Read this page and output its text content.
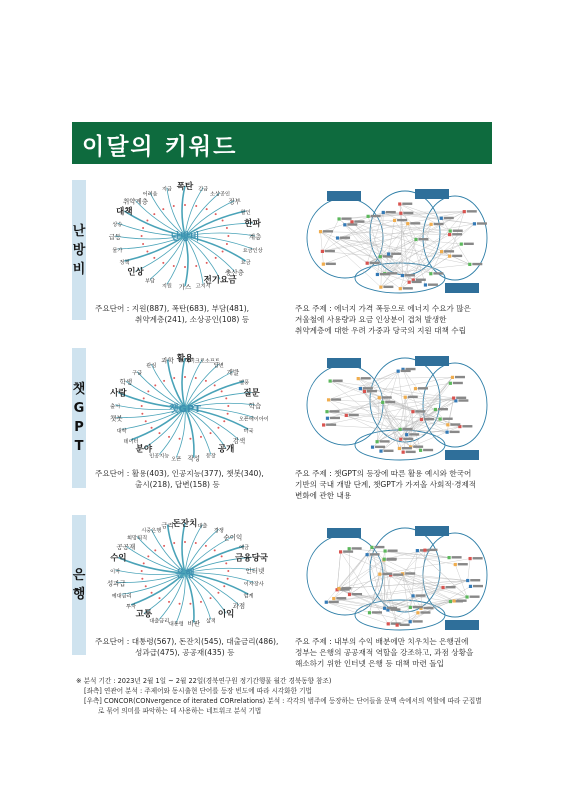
이달의 키워드
난
방
비
챗
G
P
T
은
행
폭탄 긴급
소상공인
정부
할인
한파
계층
요금인상
요금
충산층
전기요금
고지서
가스
지원
부담
인상
정책
물가
급등
상승
대책
취약계층
어려움
지급
난방비
활용
마이크로소프트
답변
개발
열풍
질문
학습
오픈에이아이
미국
검색
공개
등장
작성
오픈
인공지능
분야
데이터
대학
챗봇
출시
사람
학생
구글
관심
과학
챗GPT
돈잔치 대출
경쟁
순이익
예금
금융당국
인터넷
이자장사
업계
과점
이익
실적
비판
대통령
대출금리
고통
투자
예대금리
성과급
이자
수익
공공재
희망퇴직
시중은행
금리
은행
주요단어 : 지원(887), 폭탄(683), 부담(481),
취약계층(241), 소상공인(108) 등
주요단어 : 활용(403), 인공지능(377), 챗봇(340),
출시(218), 답변(158) 등
주요단어 : 대통령(567), 돈잔치(545), 대출금리(486),
성과급(475), 공공재(435) 등
주요 주제 : 에너지 가격 폭등으로 에너지 수요가 많은
겨울철에 사용량과 요금 인상분이 겹쳐 발생한
취약계층에 대한 우려 가중과 당국의 지원 대책 수립
주요 주제 : 챗GPT의 등장에 따른 활용 예시와 한국어
기반의 국내 개발 단계, 챗GPT가 가져올 사회적·경제적
변화에 관한 내용
주요 주제 : 내부의 수익 배분에만 치우치는 은행권에
정부는 은행의 공공재적 역할을 강조하고, 과점 상황을
해소하기 위한 인터넷 은행 등 대책 마련 돌입
※ 분석 기간 : 2023년 2월 1일 ~ 2월 22일(경북연구원 정기간행물 월간 경북동향 참조)
[좌측] 연관어 분석 : 주제어와 동시출현 단어를 등장 빈도에 따라 시각화한 기법
[우측] CONCOR(CONvergence of iterated CORrelations) 분석 : 각각의 범주에 등장하는 단어들을 문맥 속에서의 역할에 따라 군집별
로 묶어 의미를 파악하는 데 사용하는 네트워크 분석 기법
